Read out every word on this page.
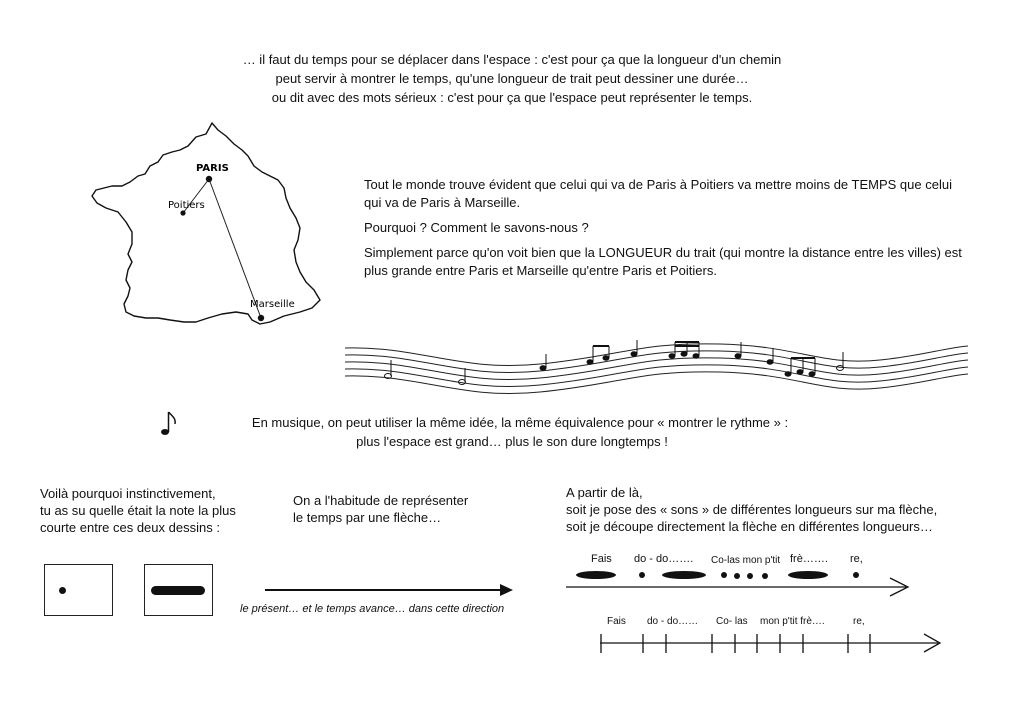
… il faut du temps pour se déplacer dans l'espace : c'est pour ça que la longueur d'un chemin
peut servir à montrer le temps, qu'une longueur de trait peut dessiner une durée…
ou dit avec des mots sérieux : c'est pour ça que l'espace peut représenter le temps.
PARIS
Poitiers
Marseille
Tout le monde trouve évident que celui qui va de Paris à Poitiers va mettre moins de TEMPS que celui qui va de Paris à Marseille.
Pourquoi ? Comment le savons-nous ?
Simplement parce qu'on voit bien que la LONGUEUR du trait (qui montre la distance entre les villes) est plus grande entre Paris et Marseille qu'entre Paris et Poitiers.
En musique, on peut utiliser la même idée, la même équivalence pour « montrer le rythme » :
plus l'espace est grand… plus le son dure longtemps !
Voilà pourquoi instinctivement,
tu as su quelle était la note la plus
courte entre ces deux dessins :
On a l'habitude de représenter
le temps par une flèche…
le présent… et le temps avance… dans cette direction
A partir de là,
soit je pose des « sons » de différentes longueurs sur ma flèche,
soit je découpe directement la flèche en différentes longueurs…
Fais do - do……. Co-las mon p'tit frè……. re,
Fais do - do…… Co- las mon p'tit frè….	re,
